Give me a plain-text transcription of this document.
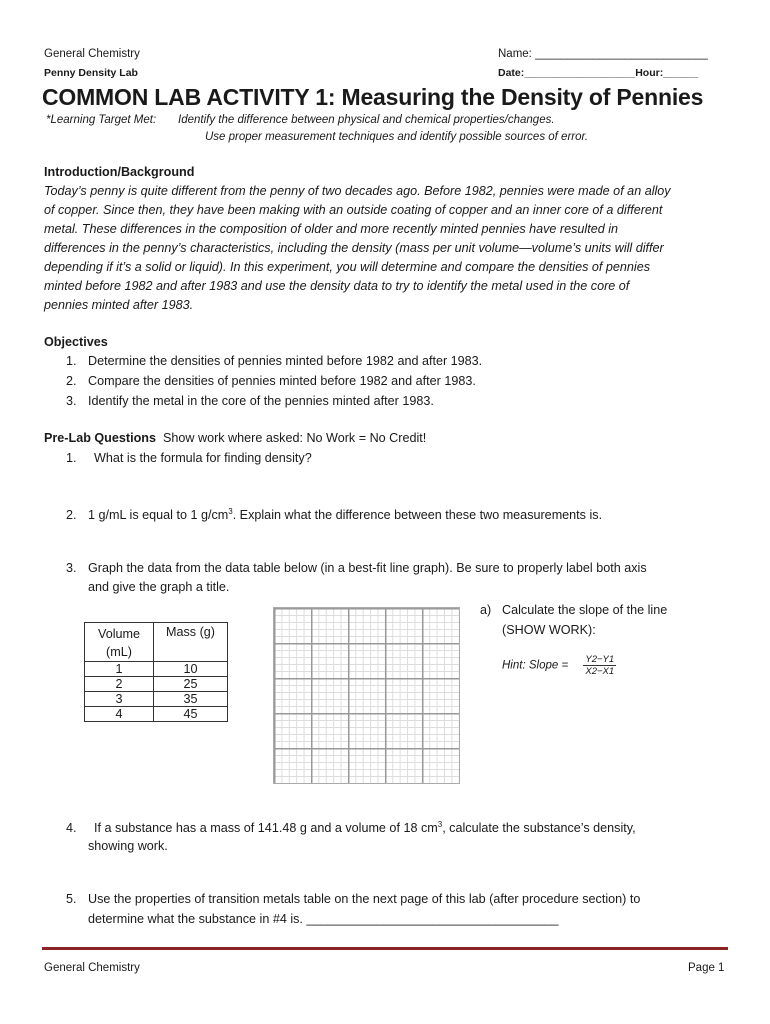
General Chemistry
Penny Density Lab
Name: ___________________________
Date:___________________Hour:______
COMMON LAB ACTIVITY 1: Measuring the Density of Pennies
*Learning Target Met: Identify the difference between physical and chemical properties/changes.
Use proper measurement techniques and identify possible sources of error.
Introduction/Background
Today’s penny is quite different from the penny of two decades ago. Before 1982, pennies were made of an alloy
of copper. Since then, they have been making with an outside coating of copper and an inner core of a different
metal. These differences in the composition of older and more recently minted pennies have resulted in
differences in the penny’s characteristics, including the density (mass per unit volume—volume’s units will differ
depending if it’s a solid or liquid). In this experiment, you will determine and compare the densities of pennies
minted before 1982 and after 1983 and use the density data to try to identify the metal used in the core of
pennies minted after 1983.
Objectives
1. Determine the densities of pennies minted before 1982 and after 1983.
2. Compare the densities of pennies minted before 1982 and after 1983.
3. Identify the metal in the core of the pennies minted after 1983.
Pre-Lab Questions Show work where asked: No Work = No Credit!
1. What is the formula for finding density?
2. 1 g/mL is equal to 1 $g/cm^3$. Explain what the difference between these two measurements is.
3. Graph the data from the data table below (in a best-fit line graph). Be sure to properly label both axis
and give the graph a title.
Volume
(mL)	Mass (g)
1	10
2	25
3	35
4	45
a) Calculate the slope of the line
(SHOW WORK):
Hint: Slope = $\frac{Y2-Y1}{X2-X1}$
4. If a substance has a mass of 141.48 g and a volume of 18 $cm^3$, calculate the substance’s density,
showing work.
5. Use the properties of transition metals table on the next page of this lab (after procedure section) to
determine what the substance in #4 is. ____________________________________
General Chemistry	Page 1
